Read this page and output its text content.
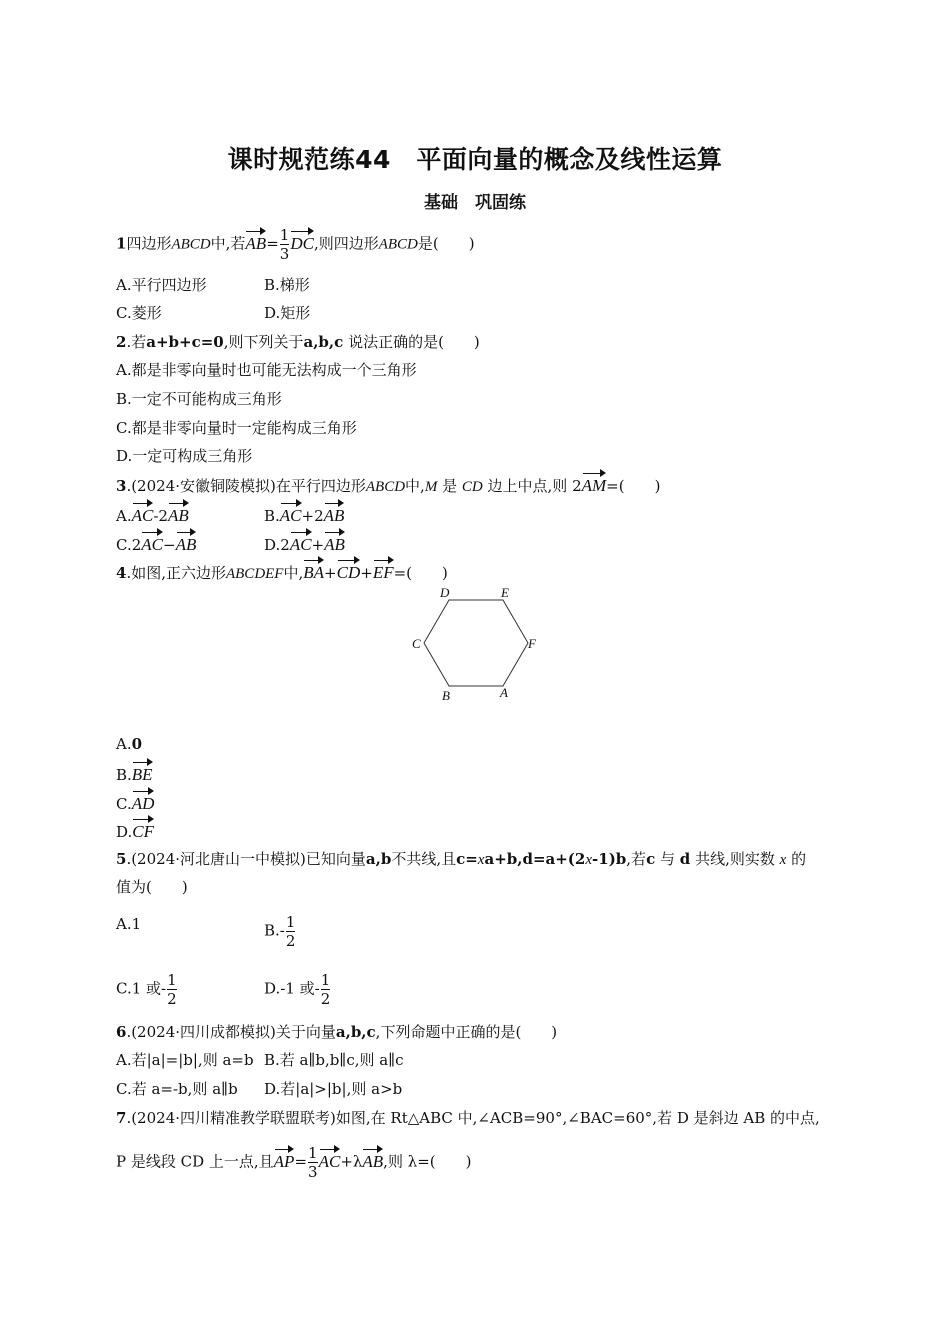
课时规范练44　平面向量的概念及线性运算
基础　巩固练
1四边形ABCD中,若$AB= \frac{1}{3}$ DC,则四边形ABCD是(　　)
A.平行四边形	B.梯形
C.菱形	D.矩形
2.若a+b+c=0,则下列关于a,b,c 说法正确的是(　　)
A.都是非零向量时也可能无法构成一个三角形
B.一定不可能构成三角形
C.都是非零向量时一定能构成三角形
D.一定可构成三角形
3.(2024·安徽铜陵模拟)在平行四边形ABCD中,M 是 CD 边上中点,则 2AM=(　　)
A.AC-2AB	B.AC+2AB
C.2AC−AB	D.2AC+AB
4.如图,正六边形ABCDEF中,BA+CD+EF=(　　)
D	E
C	F
B	A
A.0
B.BE
C.AD
D.CF
5.(2024·河北唐山一中模拟)已知向量a,b不共线,且c=xa+b,d=a+(2x-1)b,若c 与 d 共线,则实数 x 的
值为(　　)
A.1	$B.- \frac{1}{2}$
C.1 或- $\frac{1}{2}$	D.-1 或- $\frac{1}{2}$
6.(2024·四川成都模拟)关于向量a,b,c,下列命题中正确的是(　　)
A.若|a|=|b|,则 a=b B.若 a∥b,b∥c,则 a∥c
C.若 a=-b,则 a∥b D.若|a|>|b|,则 a>b
7.(2024·四川精准教学联盟联考)如图,在 Rt△ABC 中,∠ACB=90°,∠BAC=60°,若 D 是斜边 AB 的中点,
P 是线段 CD 上一点,且$AP= \frac{1}{3} AC+\lambda AB$,则 λ=(　　)
